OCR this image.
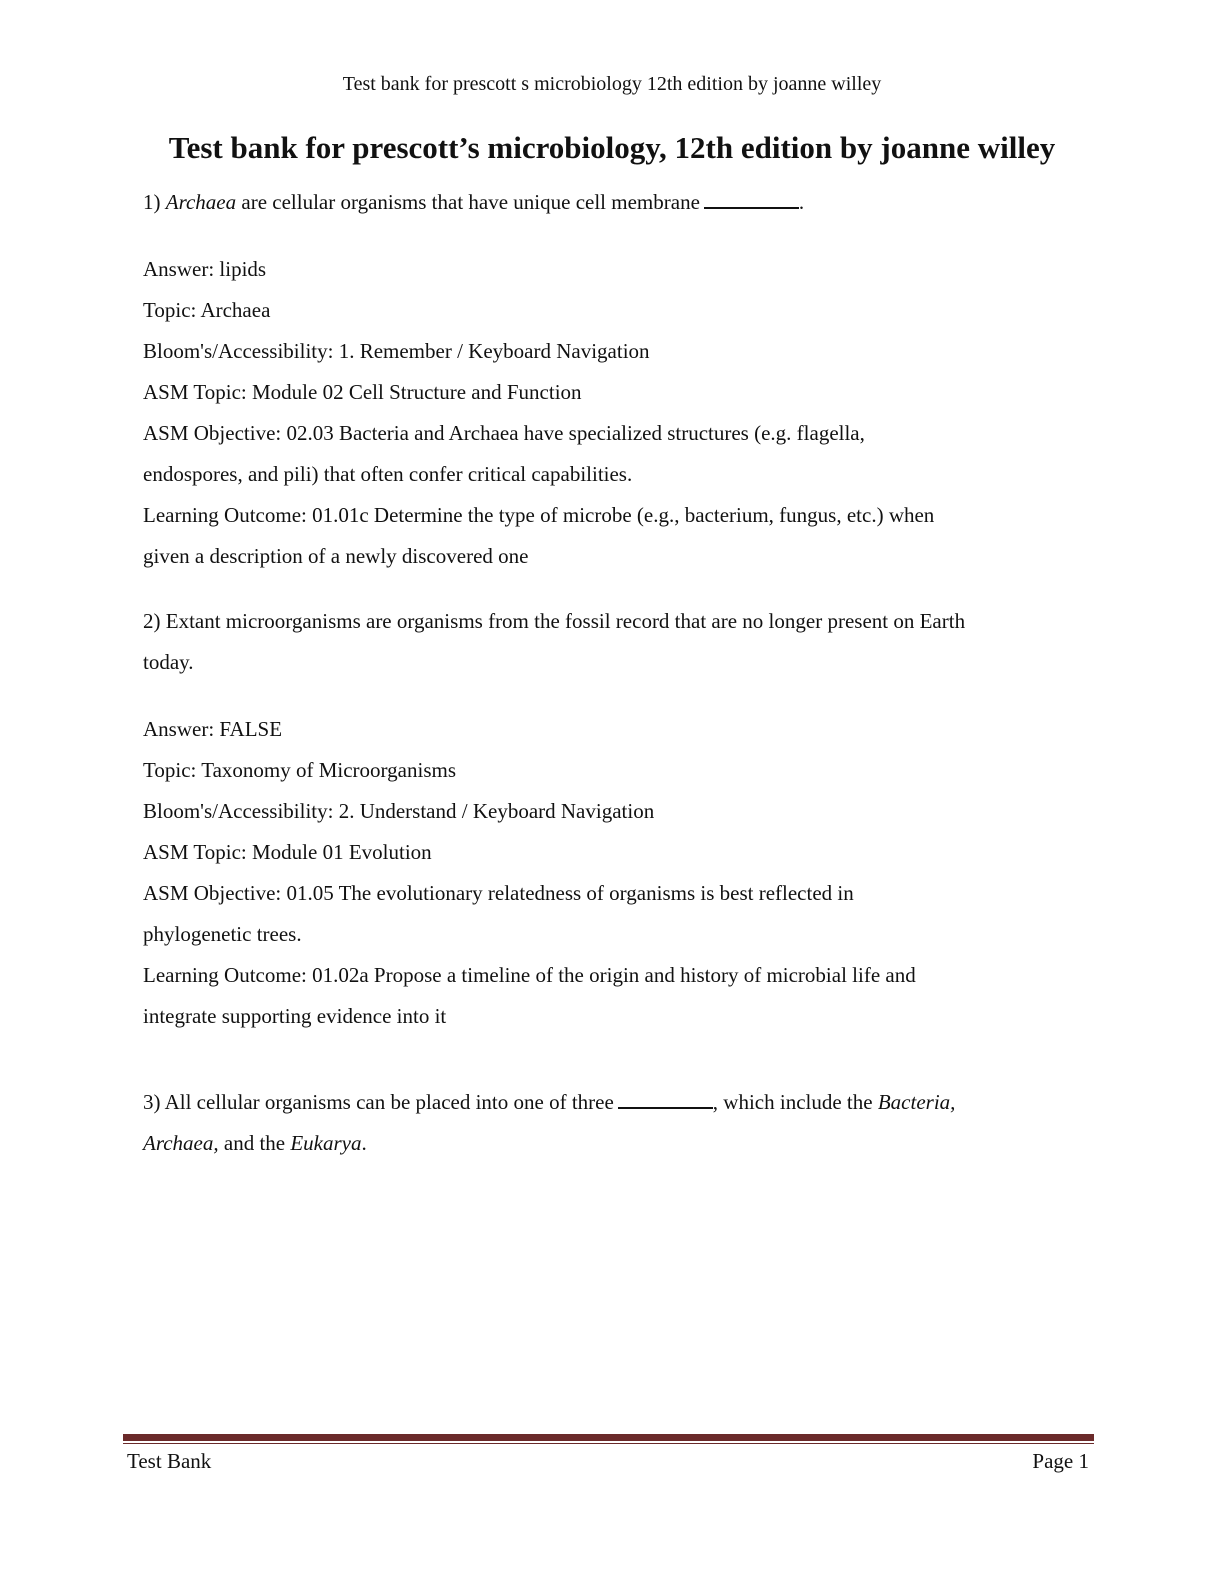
Test bank for prescott s microbiology 12th edition by joanne willey
Test bank for prescott’s microbiology, 12th edition by joanne willey

1) Archaea are cellular organisms that have unique cell membrane	.

Answer: lipids

Topic: Archaea

Bloom's/Accessibility: 1. Remember / Keyboard Navigation

ASM Topic: Module 02 Cell Structure and Function

ASM Objective: 02.03 Bacteria and Archaea have specialized structures (e.g. flagella,

endospores, and pili) that often confer critical capabilities.

Learning Outcome: 01.01c Determine the type of microbe (e.g., bacterium, fungus, etc.) when

given a description of a newly discovered one

2) Extant microorganisms are organisms from the fossil record that are no longer present on Earth

today.

Answer: FALSE

Topic: Taxonomy of Microorganisms

Bloom's/Accessibility: 2. Understand / Keyboard Navigation

ASM Topic: Module 01 Evolution

ASM Objective: 01.05 The evolutionary relatedness of organisms is best reflected in

phylogenetic trees.

Learning Outcome: 01.02a Propose a timeline of the origin and history of microbial life and

integrate supporting evidence into it

3) All cellular organisms can be placed into one of three	, which include the Bacteria,

Archaea, and the Eukarya.

Test Bank	Page 1
